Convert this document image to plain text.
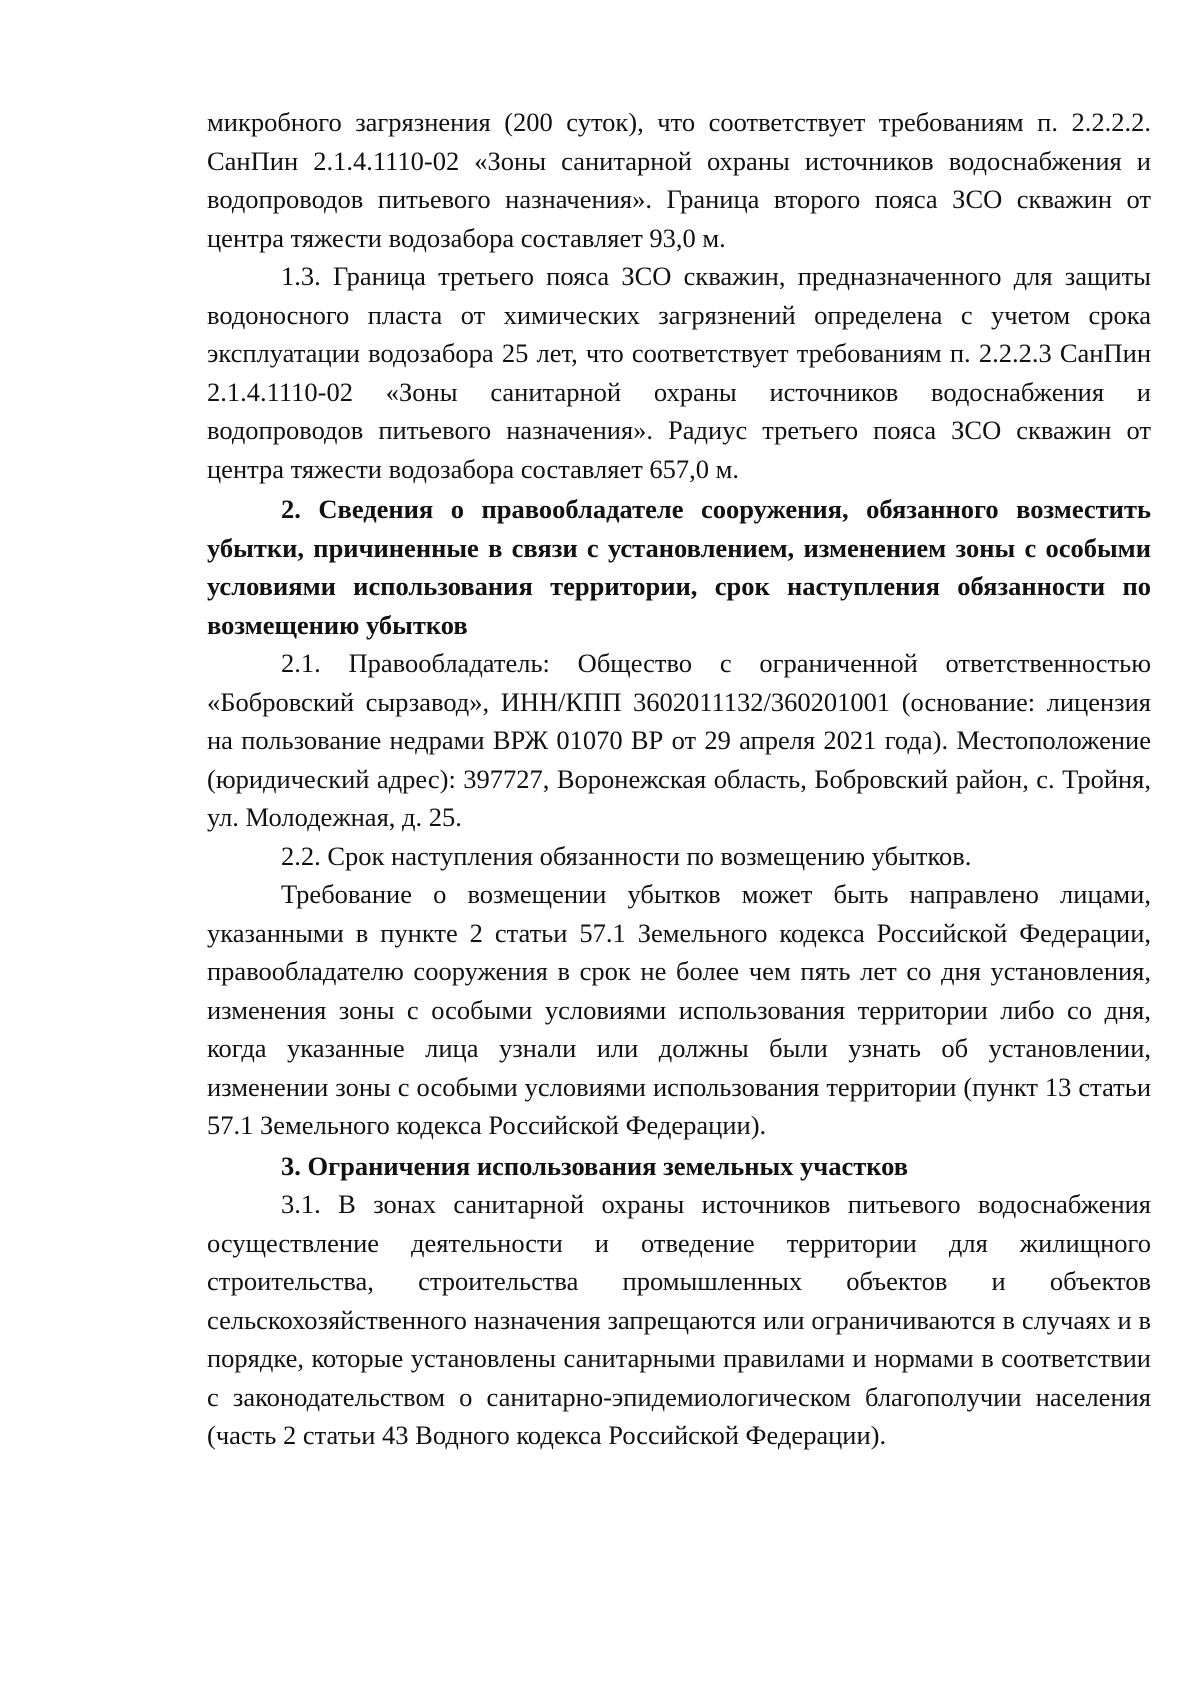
микробного загрязнения (200 суток), что соответствует требованиям п. 2.2.2.2. СанПин 2.1.4.1110-02 «Зоны санитарной охраны источников водоснабжения и водопроводов питьевого назначения». Граница второго пояса ЗСО скважин от центра тяжести водозабора составляет 93,0 м.

1.3. Граница третьего пояса ЗСО скважин, предназначенного для защиты водоносного пласта от химических загрязнений определена с учетом срока эксплуатации водозабора 25 лет, что соответствует требованиям п. 2.2.2.3 СанПин 2.1.4.1110-02 «Зоны санитарной охраны источников водоснабжения и водопроводов питьевого назначения». Радиус третьего пояса ЗСО скважин от центра тяжести водозабора составляет 657,0 м.

2. Сведения о правообладателе сооружения, обязанного возместить убытки, причиненные в связи с установлением, изменением зоны с особыми условиями использования территории, срок наступления обязанности по возмещению убытков

2.1. Правообладатель: Общество с ограниченной ответственностью «Бобровский сырзавод», ИНН/КПП 3602011132/360201001 (основание: лицензия на пользование недрами ВРЖ 01070 ВР от 29 апреля 2021 года). Местоположение (юридический адрес): 397727, Воронежская область, Бобровский район, с. Тройня, ул. Молодежная, д. 25.

2.2. Срок наступления обязанности по возмещению убытков.

Требование о возмещении убытков может быть направлено лицами, указанными в пункте 2 статьи 57.1 Земельного кодекса Российской Федерации, правообладателю сооружения в срок не более чем пять лет со дня установления, изменения зоны с особыми условиями использования территории либо со дня, когда указанные лица узнали или должны были узнать об установлении, изменении зоны с особыми условиями использования территории (пункт 13 статьи 57.1 Земельного кодекса Российской Федерации).

3. Ограничения использования земельных участков

3.1. В зонах санитарной охраны источников питьевого водоснабжения осуществление деятельности и отведение территории для жилищного строительства, строительства промышленных объектов и объектов сельскохозяйственного назначения запрещаются или ограничиваются в случаях и в порядке, которые установлены санитарными правилами и нормами в соответствии с законодательством о санитарно-эпидемиологическом благополучии населения (часть 2 статьи 43 Водного кодекса Российской Федерации).
